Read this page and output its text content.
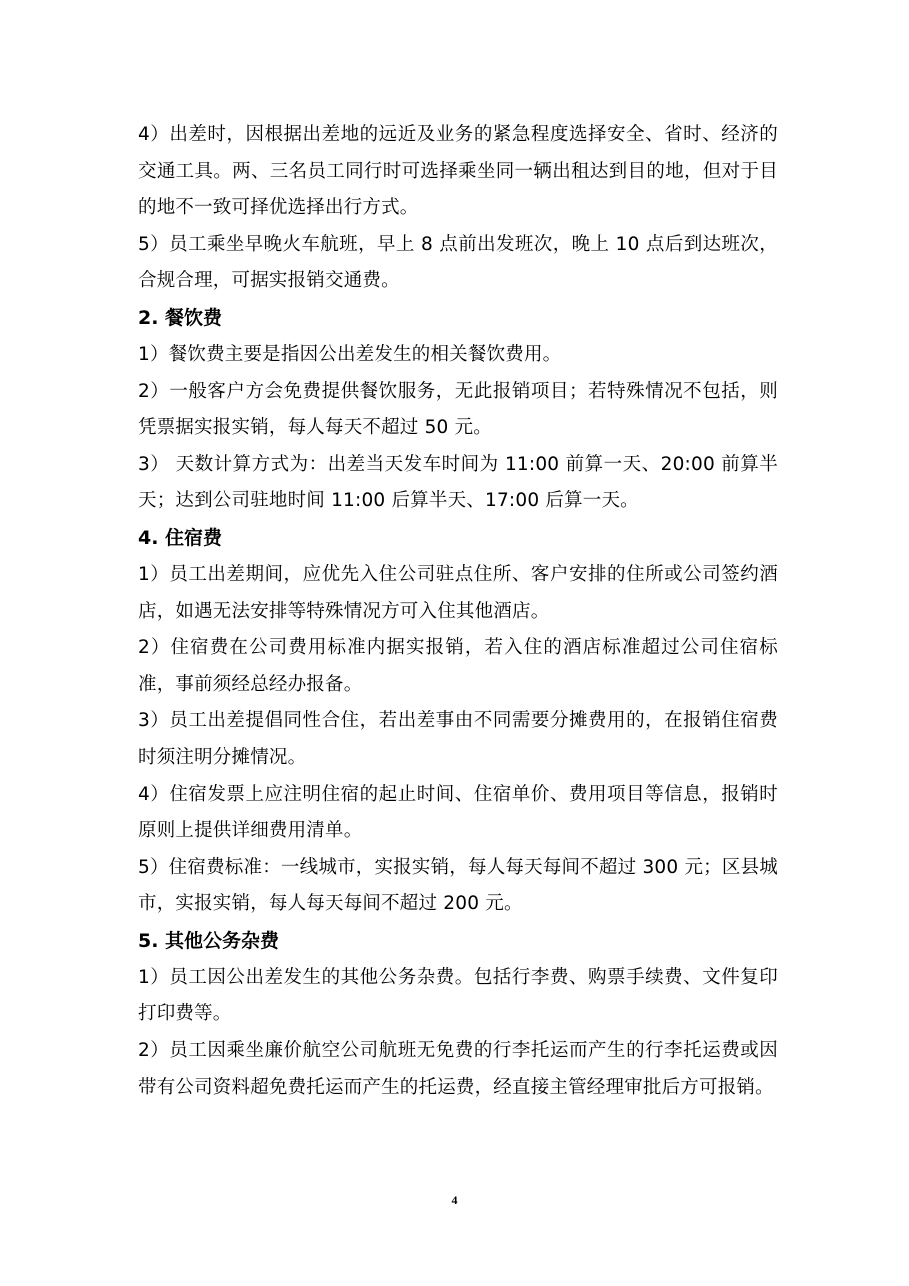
4）出差时，因根据出差地的远近及业务的紧急程度选择安全、省时、经济的交通工具。两、三名员工同行时可选择乘坐同一辆出租达到目的地，但对于目的地不一致可择优选择出行方式。

5）员工乘坐早晚火车航班，早上 8 点前出发班次，晚上 10 点后到达班次，合规合理，可据实报销交通费。

2. 餐饮费

1）餐饮费主要是指因公出差发生的相关餐饮费用。

2）一般客户方会免费提供餐饮服务，无此报销项目；若特殊情况不包括，则凭票据实报实销，每人每天不超过 50 元。

3） 天数计算方式为：出差当天发车时间为 11:00 前算一天、20:00 前算半天；达到公司驻地时间 11:00 后算半天、17:00 后算一天。

4. 住宿费

1）员工出差期间，应优先入住公司驻点住所、客户安排的住所或公司签约酒店，如遇无法安排等特殊情况方可入住其他酒店。

2）住宿费在公司费用标准内据实报销，若入住的酒店标准超过公司住宿标准，事前须经总经办报备。

3）员工出差提倡同性合住，若出差事由不同需要分摊费用的，在报销住宿费时须注明分摊情况。

4）住宿发票上应注明住宿的起止时间、住宿单价、费用项目等信息，报销时原则上提供详细费用清单。

5）住宿费标准：一线城市，实报实销，每人每天每间不超过 300 元；区县城市，实报实销，每人每天每间不超过 200 元。

5. 其他公务杂费

1）员工因公出差发生的其他公务杂费。包括行李费、购票手续费、文件复印打印费等。

2）员工因乘坐廉价航空公司航班无免费的行李托运而产生的行李托运费或因带有公司资料超免费托运而产生的托运费，经直接主管经理审批后方可报销。

4
